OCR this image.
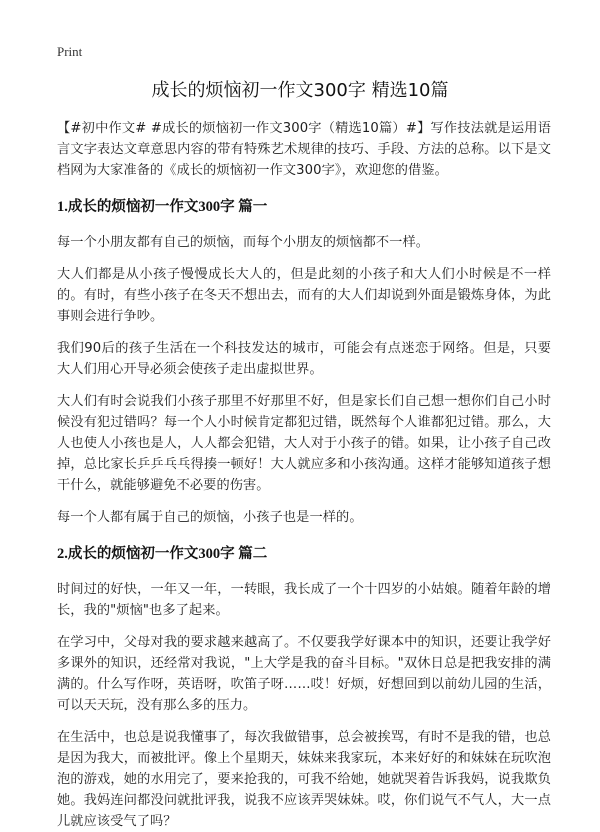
Print
成长的烦恼初一作文300字 精选10篇

【#初中作文# #成长的烦恼初一作文300字（精选10篇）#】写作技法就是运用语言文字表达文章意思内容的带有特殊艺术规律的技巧、手段、方法的总称。以下是文档网为大家准备的《成长的烦恼初一作文300字》，欢迎您的借鉴。

1.成长的烦恼初一作文300字 篇一

每一个小朋友都有自己的烦恼，而每个小朋友的烦恼都不一样。

大人们都是从小孩子慢慢成长大人的，但是此刻的小孩子和大人们小时候是不一样的。有时，有些小孩子在冬天不想出去，而有的大人们却说到外面是锻炼身体，为此事则会进行争吵。

我们90后的孩子生活在一个科技发达的城市，可能会有点迷恋于网络。但是，只要大人们用心开导必须会使孩子走出虚拟世界。

大人们有时会说我们小孩子那里不好那里不好，但是家长们自己想一想你们自己小时候没有犯过错吗？每一个人小时候肯定都犯过错，既然每个人谁都犯过错。那么，大人也使人小孩也是人，人人都会犯错，大人对于小孩子的错。如果，让小孩子自己改掉，总比家长乒乒乓乓得揍一顿好！大人就应多和小孩沟通。这样才能够知道孩子想干什么，就能够避免不必要的伤害。

每一个人都有属于自己的烦恼，小孩子也是一样的。

2.成长的烦恼初一作文300字 篇二

时间过的好快，一年又一年，一转眼，我长成了一个十四岁的小姑娘。随着年龄的增长，我的"烦恼"也多了起来。

在学习中，父母对我的要求越来越高了。不仅要我学好课本中的知识，还要让我学好多课外的知识，还经常对我说，"上大学是我的奋斗目标。"双休日总是把我安排的满满的。什么写作呀，英语呀，吹笛子呀……哎！好烦，好想回到以前幼儿园的生活，可以天天玩，没有那么多的压力。

在生活中，也总是说我懂事了，每次我做错事，总会被挨骂，有时不是我的错，也总是因为我大，而被批评。像上个星期天，妹妹来我家玩，本来好好的和妹妹在玩吹泡泡的游戏，她的水用完了，要来抢我的，可我不给她，她就哭着告诉我妈，说我欺负她。我妈连问都没问就批评我，说我不应该弄哭妹妹。哎，你们说气不气人，大一点儿就应该受气了吗？
